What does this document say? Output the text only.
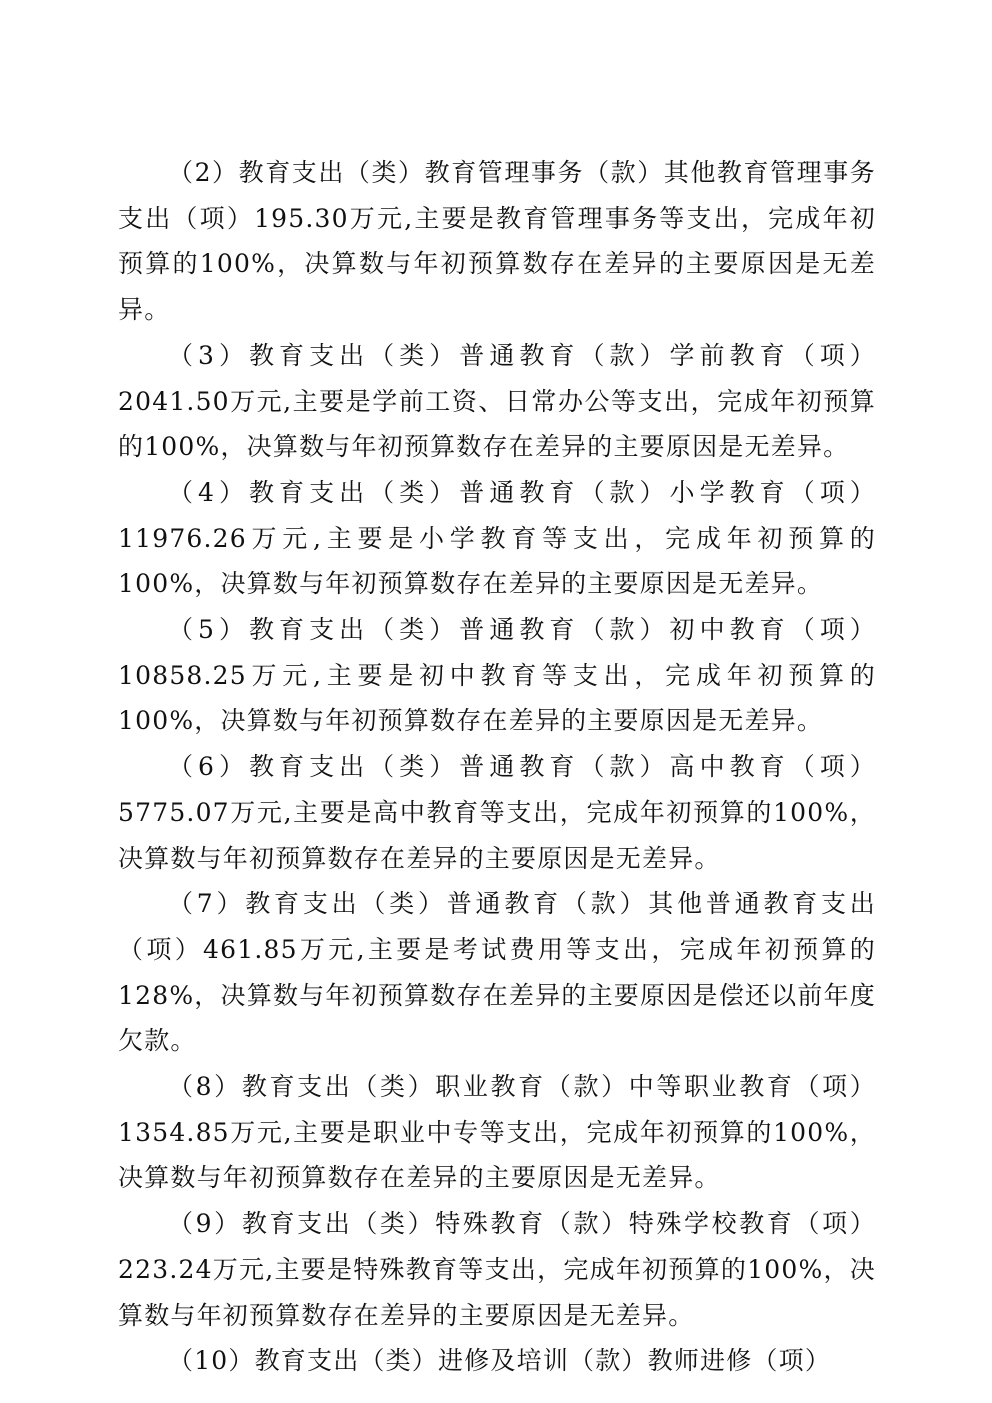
（2）教育支出（类）教育管理事务（款）其他教育管理事务支出（项）195.30万元,主要是教育管理事务等支出，完成年初预算的100%，决算数与年初预算数存在差异的主要原因是无差异。

（3）教育支出（类）普通教育（款）学前教育（项）2041.50万元,主要是学前工资、日常办公等支出，完成年初预算的100%，决算数与年初预算数存在差异的主要原因是无差异。

（4）教育支出（类）普通教育（款）小学教育（项）11976.26万元,主要是小学教育等支出，完成年初预算的100%，决算数与年初预算数存在差异的主要原因是无差异。

（5）教育支出（类）普通教育（款）初中教育（项）10858.25万元,主要是初中教育等支出，完成年初预算的100%，决算数与年初预算数存在差异的主要原因是无差异。

（6）教育支出（类）普通教育（款）高中教育（项）5775.07万元,主要是高中教育等支出，完成年初预算的100%，决算数与年初预算数存在差异的主要原因是无差异。

（7）教育支出（类）普通教育（款）其他普通教育支出（项）461.85万元,主要是考试费用等支出，完成年初预算的128%，决算数与年初预算数存在差异的主要原因是偿还以前年度欠款。

（8）教育支出（类）职业教育（款）中等职业教育（项）1354.85万元,主要是职业中专等支出，完成年初预算的100%，决算数与年初预算数存在差异的主要原因是无差异。

（9）教育支出（类）特殊教育（款）特殊学校教育（项）223.24万元,主要是特殊教育等支出，完成年初预算的100%，决算数与年初预算数存在差异的主要原因是无差异。

（10）教育支出（类）进修及培训（款）教师进修（项）
